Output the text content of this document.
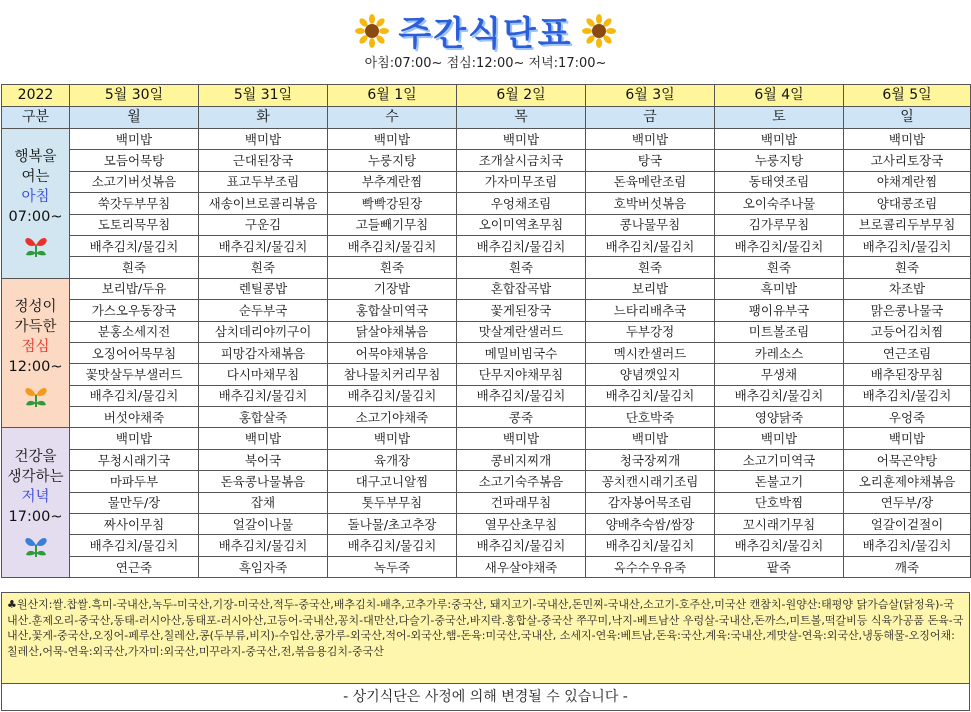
주간식단표
아침:07:00~ 점심:12:00~ 저녁:17:00~
2022	5월 30일	5월 31일	6월 1일	6월 2일	6월 3일	6월 4일	6월 5일
구분	월	화	수	목	금	토	일

행복을
여는
아침
07:00~	백미밥	백미밥	백미밥	백미밥	백미밥	백미밥	백미밥
	모듬어묵탕	근대된장국	누룽지탕	조개살시금치국	탕국	누룽지탕	고사리토장국
	소고기버섯볶음	표고두부조림	부추계란찜	가자미무조림	돈육메란조림	동태엿조림	야채계란찜
	쑥갓두부무침	새송이브로콜리볶음	빡빡강된장	우엉채조림	호박버섯볶음	오이숙주나물	양대콩조림
	도토리묵무침	구운김	고들빼기무침	오이미역초무침	콩나물무침	김가루무침	브로콜리두부무침
	배추김치/물김치	배추김치/물김치	배추김치/물김치	배추김치/물김치	배추김치/물김치	배추김치/물김치	배추김치/물김치
	흰죽	흰죽	흰죽	흰죽	흰죽	흰죽	흰죽

정성이
가득한
점심
12:00~	보리밥/두유	렌틸콩밥	기장밥	혼합잡곡밥	보리밥	흑미밥	차조밥
	가스오우동장국	순두부국	홍합살미역국	꽃게된장국	느타리배추국	팽이유부국	맑은콩나물국
	분홍소세지전	삼치데리야끼구이	닭살야채볶음	맛살계란샐러드	두부강정	미트볼조림	고등어김치찜
	오징어어묵무침	피망감자채볶음	어묵야채볶음	메밀비빔국수	멕시칸샐러드	카레소스	연근조림
	꽃맛살두부샐러드	다시마채무침	참나물치커리무침	단무지야채무침	양념깻잎지	무생채	배추된장무침
	배추김치/물김치	배추김치/물김치	배추김치/물김치	배추김치/물김치	배추김치/물김치	배추김치/물김치	배추김치/물김치
	버섯야채죽	홍합살죽	소고기야채죽	콩죽	단호박죽	영양닭죽	우엉죽

건강을
생각하는
저녁
17:00~	백미밥	백미밥	백미밥	백미밥	백미밥	백미밥	백미밥
	무청시래기국	북어국	육개장	콩비지찌개	청국장찌개	소고기미역국	어묵곤약탕
	마파두부	돈육콩나물볶음	대구고니알찜	소고기숙주볶음	꽁치캔시래기조림	돈불고기	오리훈제야채볶음
	물만두/장	잡채	톳두부무침	건파래무침	감자봉어묵조림	단호박찜	연두부/장
	짜사이무침	얼갈이나물	돌나물/초고추장	열무산초무침	양배추숙쌈/쌈장	꼬시래기무침	얼갈이겉절이
	배추김치/물김치	배추김치/물김치	배추김치/물김치	배추김치/물김치	배추김치/물김치	배추김치/물김치	배추김치/물김치
	연근죽	흑임자죽	녹두죽	새우살야채죽	옥수수우유죽	팥죽	깨죽
♣원산지:쌀.찹쌀.흑미-국내산,녹두-미국산,기장-미국산,적두-중국산,배추김치-배추,고추가루:중국산, 돼지고기-국내산,돈민찌-국내산,소고기-호주산,미국산 캔참치-원양산:태평양 닭가슴살(닭정육)-국내산.훈제오리-중국산,동태-러시아산,동태포-러시아산,고등어-국내산,꽁치-대만산,다슬기-중국산,바지락.홍합살-중국산 쭈꾸미,낙지-베트남산 우렁살-국내산,돈까스,미트볼,떡갈비등 식육가공품 돈육-국내산,꽃게-중국산,오징어-페루산,칠레산,콩(두부류,비지)-수입산,콩가루-외국산,적어-외국산,햄-돈육:미국산,국내산, 소세지-연육:베트남,돈육:국산,계육:국내산,게맛살-연육:외국산,냉동해물-오징어채:칠레산,어묵-연육:외국산,가자미:외국산,미꾸라지-중국산,전,볶음용김치-중국산
- 상기식단은 사정에 의해 변경될 수 있습니다 -
